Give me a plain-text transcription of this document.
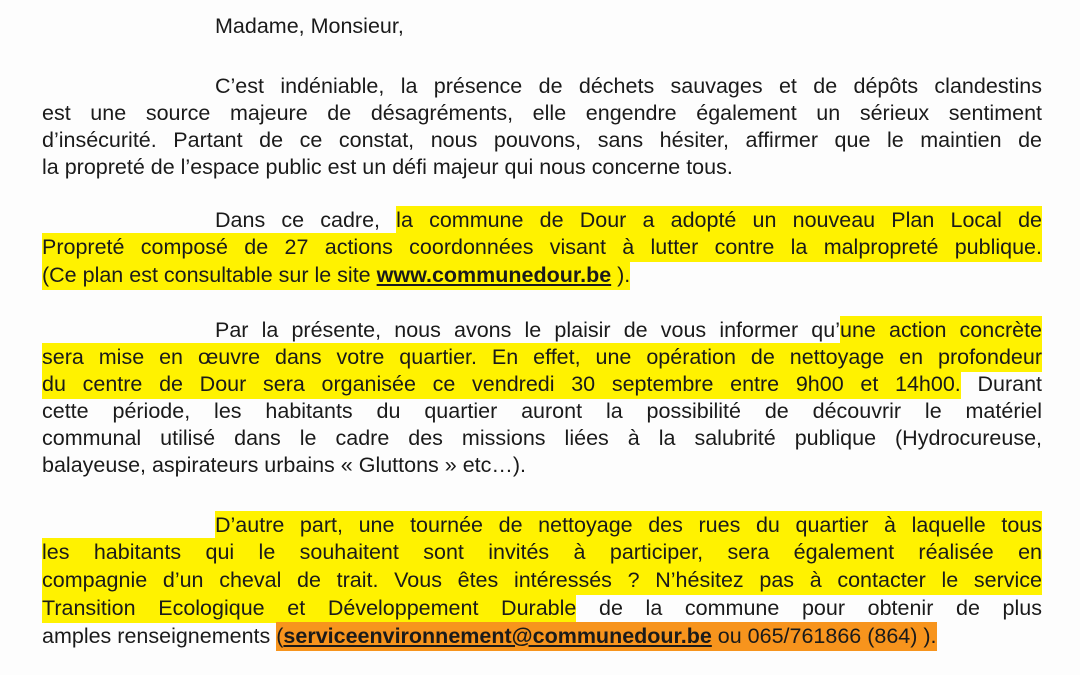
Madame, Monsieur,
C’est indéniable, la présence de déchets sauvages et de dépôts clandestins
est une source majeure de désagréments, elle engendre également un sérieux sentiment
d’insécurité. Partant de ce constat, nous pouvons, sans hésiter, affirmer que le maintien de
la propreté de l’espace public est un défi majeur qui nous concerne tous.
Dans ce cadre, la commune de Dour a adopté un nouveau Plan Local de
Propreté composé de 27 actions coordonnées visant à lutter contre la malpropreté publique.
(Ce plan est consultable sur le site www.communedour.be ).
Par la présente, nous avons le plaisir de vous informer qu’une action concrète
sera mise en œuvre dans votre quartier. En effet, une opération de nettoyage en profondeur
du centre de Dour sera organisée ce vendredi 30 septembre entre 9h00 et 14h00. Durant
cette période, les habitants du quartier auront la possibilité de découvrir le matériel
communal utilisé dans le cadre des missions liées à la salubrité publique (Hydrocureuse,
balayeuse, aspirateurs urbains « Gluttons » etc…).
D’autre part, une tournée de nettoyage des rues du quartier à laquelle tous
les habitants qui le souhaitent sont invités à participer, sera également réalisée en
compagnie d’un cheval de trait. Vous êtes intéressés ? N’hésitez pas à contacter le service
Transition Ecologique et Développement Durable de la commune pour obtenir de plus
amples renseignements (serviceenvironnement@communedour.be ou 065/761866 (864) ).
